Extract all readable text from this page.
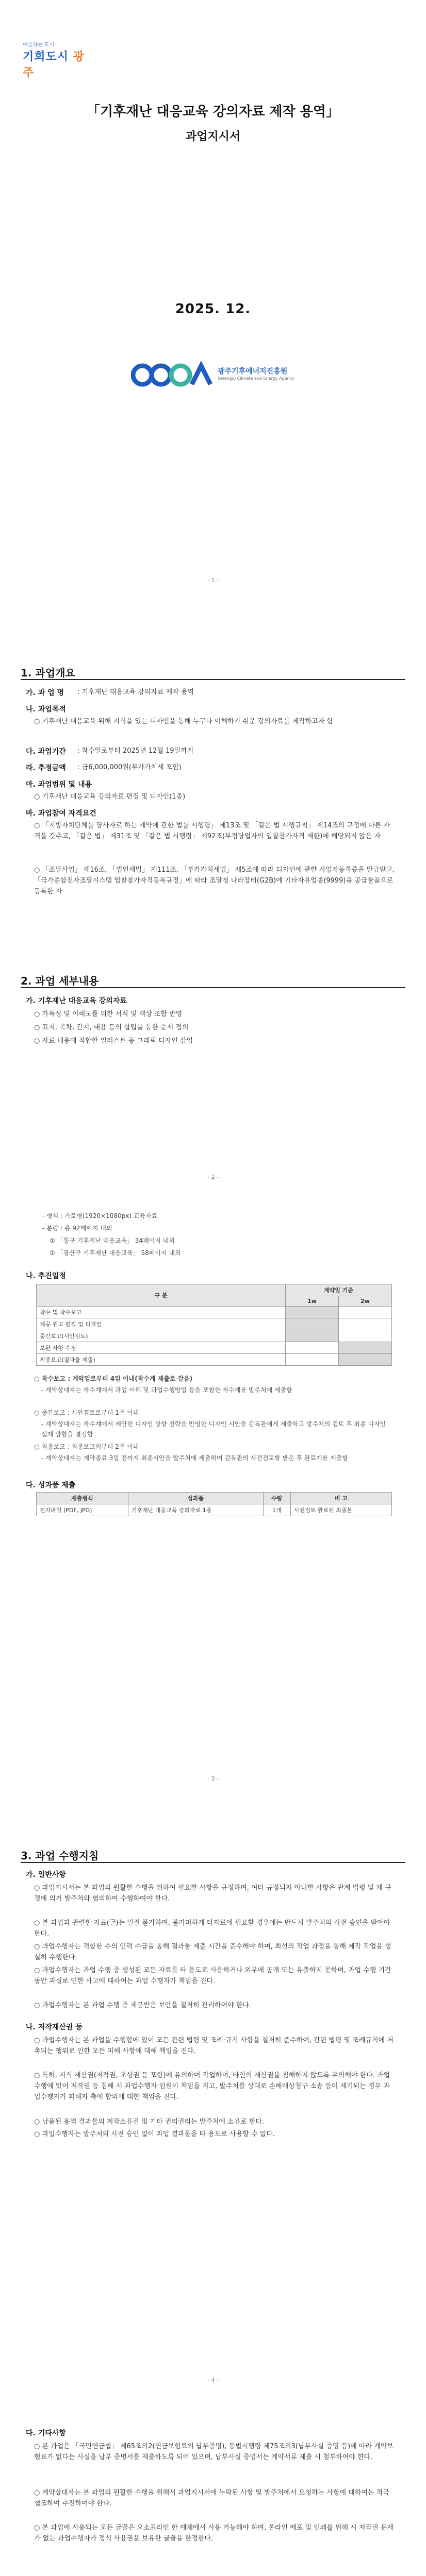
예술하는 도시
기회도시 광주
「기후재난 대응교육 강의자료 제작 용역」
과업지시서
2025. 12.
광주기후에너지진흥원
Gwangju Climate and Energy Agency
- 1 -
1. 과업개요
가. 과 업 명 : 기후재난 대응교육 강의자료 제작 용역
나. 과업목적
○ 기후재난 대응교육 위해 지식을 있는 디자인을 통해 누구나 이해하기 쉬운 강의자료를 제작하고자 함
다. 과업기간 : 착수일로부터 2025년 12월 19일까지
라. 추정금액 : 금6,000,000원(부가가치세 포함)
마. 과업범위 및 내용
○ 기후재난 대응교육 강의자료 편집 및 디자인(1종)
바. 과업참여 자격요건
○ 「지방자치단체를 당사자로 하는 계약에 관한 법률 시행령」 제13조 및 「같은 법 시행규칙」 제14조의 규정에 따른 자격을 갖추고, 「같은 법」 제31조 및 「같은 법 시행령」 제92조(부정당업자의 입찰참가자격 제한)에 해당되지 않은 자
○ 「조달사업」 제16조, 「법인세법」 제111조, 「부가가치세법」 제5조에 따라 디자인에 관한 사업자등록증을 발급받고, 「국가종합전자조달시스템 입찰참가자격등록규정」에 따라 조달청 나라장터(G2B)에 기타자유업종(9999)을 공급물품으로 등록한 자
2. 과업 세부내용
가. 기후재난 대응교육 강의자료
○ 가독성 및 이해도를 위한 서식 및 색상 조합 반영
○ 표지, 목차, 간지, 내용 등의 삽입을 통한 순서 정의
○ 자료 내용에 적합한 일러스트 등 그래픽 디자인 삽입
- 2 -
- 형식 : 가로형(1920×1080px) 교육자료
- 분량 : 총 92페이지 내외
① 「통구 기후재난 대응교육」 34페이지 내외
② 「광산구 기후재난 대응교육」 58페이지 내외
나. 추진일정
구 분	계약일 기준	
	1w	2w
착수 및 착수보고		
제공 원고 편집 및 디자인		
중간보고(시안검토)		
보완 사항 수정		
최종보고(결과물 제출)		
○ 착수보고 : 계약일로부터 4일 이내(착수계 제출로 갈음)
- 계약상대자는 착수계에서 과업 이해 및 과업수행방법 등을 포함한 착수계를 발주처에 제출함
○ 중간보고 : 시안검토로부터 1주 이내
- 계약상대자는 착수계에서 제안한 디자인 방향 전략을 반영한 디자인 시안을 감독관에게 제출하고 발주처의 검토 후 최종 디자인 설계 방향을 결정함
○ 최종보고 : 최종보고회부터 2주 이내
- 계약상대자는 계약종료 3일 전까지 최종시안을 발주처에 제출하며 감독관의 사전검토할 받은 후 완료계를 제출함
다. 성과품 제출
제출형식	성과품	수량	비 고
전자파일 (PDF, JPG)	기후재난 대응교육 강의자료 1종	1개	사전검토 완료된 최종본
- 3 -
3. 과업 수행지침
가. 일반사항
○ 과업지시서는 본 과업의 원활한 수행을 위하여 필요한 사항을 규정하며, 여타 규정되지 아니한 사항은 관계 법령 및 제 규정에 의거 발주처와 협의하여 수행하여야 한다.
○ 본 과업과 관련한 자료(글)는 일절 불가하며, 불가피하게 타자료에 필요할 경우에는 반드시 발주처의 사전 승인을 받아야 한다.
○ 과업수행자는 적합한 수의 인력 수급을 통해 결과물 제출 시간을 준수해야 하며, 최선의 작업 과정을 통해 제작 작업을 성실히 수행한다.
○ 과업수행자는 과업 수행 중 생성된 모든 자료를 타 용도로 사용하거나 외부에 공개 또는 유출하지 못하며, 과업 수행 기간 동안 과실로 인한 사고에 대하여는 과업 수행자가 책임을 진다.
○ 과업수행자는 본 과업 수행 중 제공받은 보안을 철저히 관리하여야 한다.
나. 저작재산권 등
○ 과업수행자는 본 과업을 수행함에 있어 모든 관련 법령 및 조례·규칙 사항을 철저히 준수하여, 관련 법령 및 조례규칙에 저촉되는 행위로 인한 모든 피해 사항에 대해 책임을 진다.
○ 특히, 지식 재산권(저작권, 초상권 등 포함)에 유의하여 작업하며, 타인의 재산권을 침해하지 않도록 유의해야 한다. 과업 수행에 있어 저작권 등 침해 시 과업수행자 임원이 책임을 지고, 발주처를 상대로 손해배상청구 소송 등이 제기되는 경우 과업수행자가 피해자 측에 합의에 대한 책임을 진다.
○ 납품된 용역 결과물의 저작소유권 및 기타 권리권리는 발주처에 소유로 한다.
○ 과업수행자는 발주처의 사전 승인 없이 과업 결과물을 타 용도로 사용할 수 없다.
- 4 -
다. 기타사항
○ 본 과업은 「국민연금법」 제65조의2(연금보험료의 납부증명), 동법시행령 제75조의3(납부사실 증명 등)에 따라 계약보험료가 없다는 사실을 납부 증명서를 제출하도록 되어 있으며, 납부사실 증명서는 계약서류 제출 시 첨부하여야 한다.
○ 계약상대자는 본 과업의 원활한 수행을 위해서 과업지시서에 누락된 사항 및 발주처에서 요청하는 사항에 대하여는 적극 협조하여 추진하여야 한다.
○ 본 과업에 사용되는 모든 글꼴은 오소프라인 한 매체에서 사용 가능해야 하며, 온라인 배포 및 인쇄를 위해 시 저작권 문제가 없는 과업수행자가 정식 사용권을 보유한 글꼴을 한정한다.
